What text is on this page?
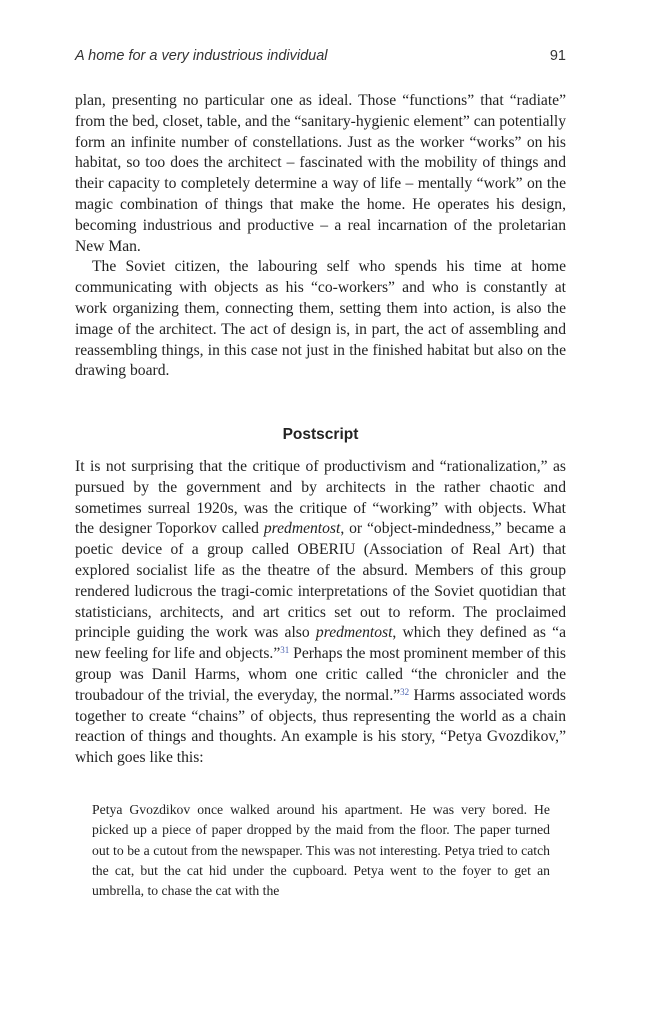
A home for a very industrious individual	91

plan, presenting no particular one as ideal. Those “functions” that “radiate” from the bed, closet, table, and the “sanitary-hygienic element” can potentially form an infinite number of constellations. Just as the worker “works” on his habitat, so too does the architect – fascinated with the mobility of things and their capacity to completely determine a way of life – mentally “work” on the magic combination of things that make the home. He operates his design, becoming industrious and productive – a real incarnation of the proletarian New Man.

The Soviet citizen, the labouring self who spends his time at home communicating with objects as his “co-workers” and who is constantly at work organizing them, connecting them, setting them into action, is also the image of the architect. The act of design is, in part, the act of assembling and reassembling things, in this case not just in the finished habitat but also on the drawing board.

Postscript

It is not surprising that the critique of productivism and “rationalization,” as pursued by the government and by architects in the rather chaotic and sometimes surreal 1920s, was the critique of “working” with objects. What the designer Toporkov called predmentost, or “object-mindedness,” became a poetic device of a group called OBERIU (Association of Real Art) that explored socialist life as the theatre of the absurd. Members of this group rendered ludicrous the tragi-comic interpretations of the Soviet quotidian that statisticians, architects, and art critics set out to reform. The proclaimed principle guiding the work was also predmentost, which they defined as “a new feeling for life and objects.”$^{31}$ Perhaps the most prominent member of this group was Danil Harms, whom one critic called “the chronicler and the troubadour of the trivial, the everyday, the normal.”$^{32}$ Harms associated words together to create “chains” of objects, thus representing the world as a chain reaction of things and thoughts. An example is his story, “Petya Gvozdikov,” which goes like this:

Petya Gvozdikov once walked around his apartment. He was very bored. He picked up a piece of paper dropped by the maid from the floor. The paper turned out to be a cutout from the newspaper. This was not interesting. Petya tried to catch the cat, but the cat hid under the cupboard. Petya went to the foyer to get an umbrella, to chase the cat with the
